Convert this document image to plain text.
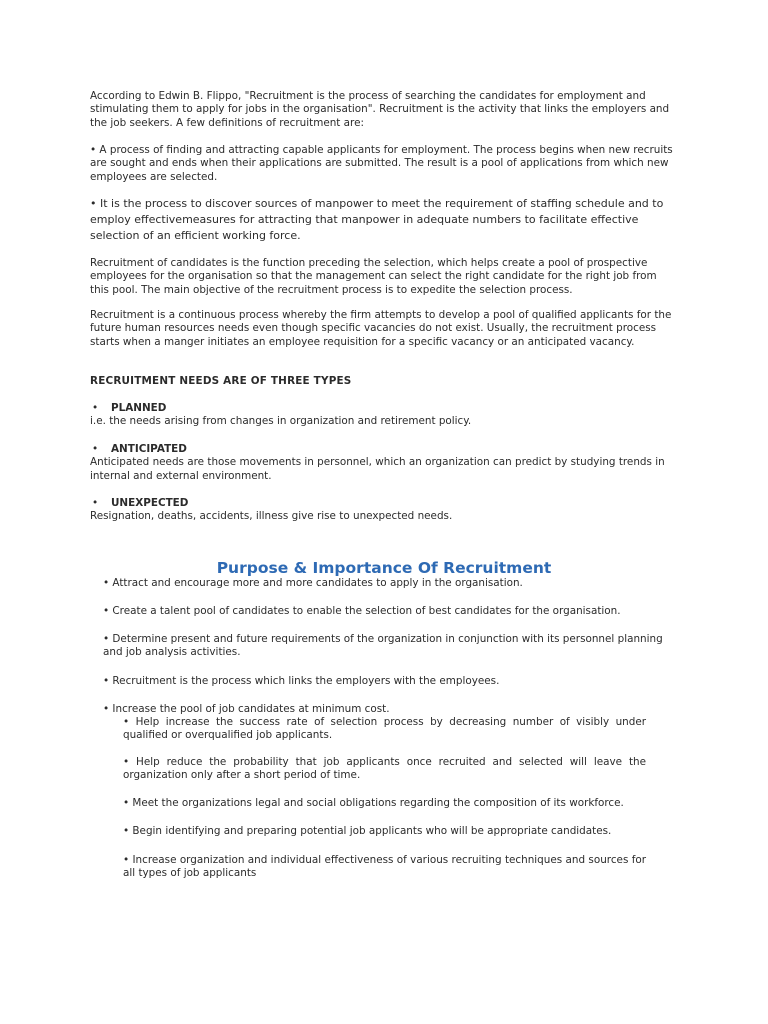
According to Edwin B. Flippo, "Recruitment is the process of searching the candidates for employment and stimulating them to apply for jobs in the organisation". Recruitment is the activity that links the employers and the job seekers. A few definitions of recruitment are:

• A process of finding and attracting capable applicants for employment. The process begins when new recruits are sought and ends when their applications are submitted. The result is a pool of applications from which new employees are selected.

• It is the process to discover sources of manpower to meet the requirement of staffing schedule and to employ effectivemeasures for attracting that manpower in adequate numbers to facilitate effective selection of an efficient working force.

Recruitment of candidates is the function preceding the selection, which helps create a pool of prospective employees for the organisation so that the management can select the right candidate for the right job from this pool. The main objective of the recruitment process is to expedite the selection process.

Recruitment is a continuous process whereby the firm attempts to develop a pool of qualified applicants for the future human resources needs even though specific vacancies do not exist. Usually, the recruitment process starts when a manger initiates an employee requisition for a specific vacancy or an anticipated vacancy.

RECRUITMENT NEEDS ARE OF THREE TYPES

• PLANNED
i.e. the needs arising from changes in organization and retirement policy.
• ANTICIPATED
Anticipated needs are those movements in personnel, which an organization can predict by studying trends in internal and external environment.
• UNEXPECTED
Resignation, deaths, accidents, illness give rise to unexpected needs.
Purpose & Importance Of Recruitment

• Attract and encourage more and more candidates to apply in the organisation.

• Create a talent pool of candidates to enable the selection of best candidates for the organisation.

• Determine present and future requirements of the organization in conjunction with its personnel planning and job analysis activities.

• Recruitment is the process which links the employers with the employees.

• Increase the pool of job candidates at minimum cost.

• Help increase the success rate of selection process by decreasing number of visibly under qualified or overqualified job applicants.

• Help reduce the probability that job applicants once recruited and selected will leave the organization only after a short period of time.

• Meet the organizations legal and social obligations regarding the composition of its workforce.

• Begin identifying and preparing potential job applicants who will be appropriate candidates.

• Increase organization and individual effectiveness of various recruiting techniques and sources for all types of job applicants
